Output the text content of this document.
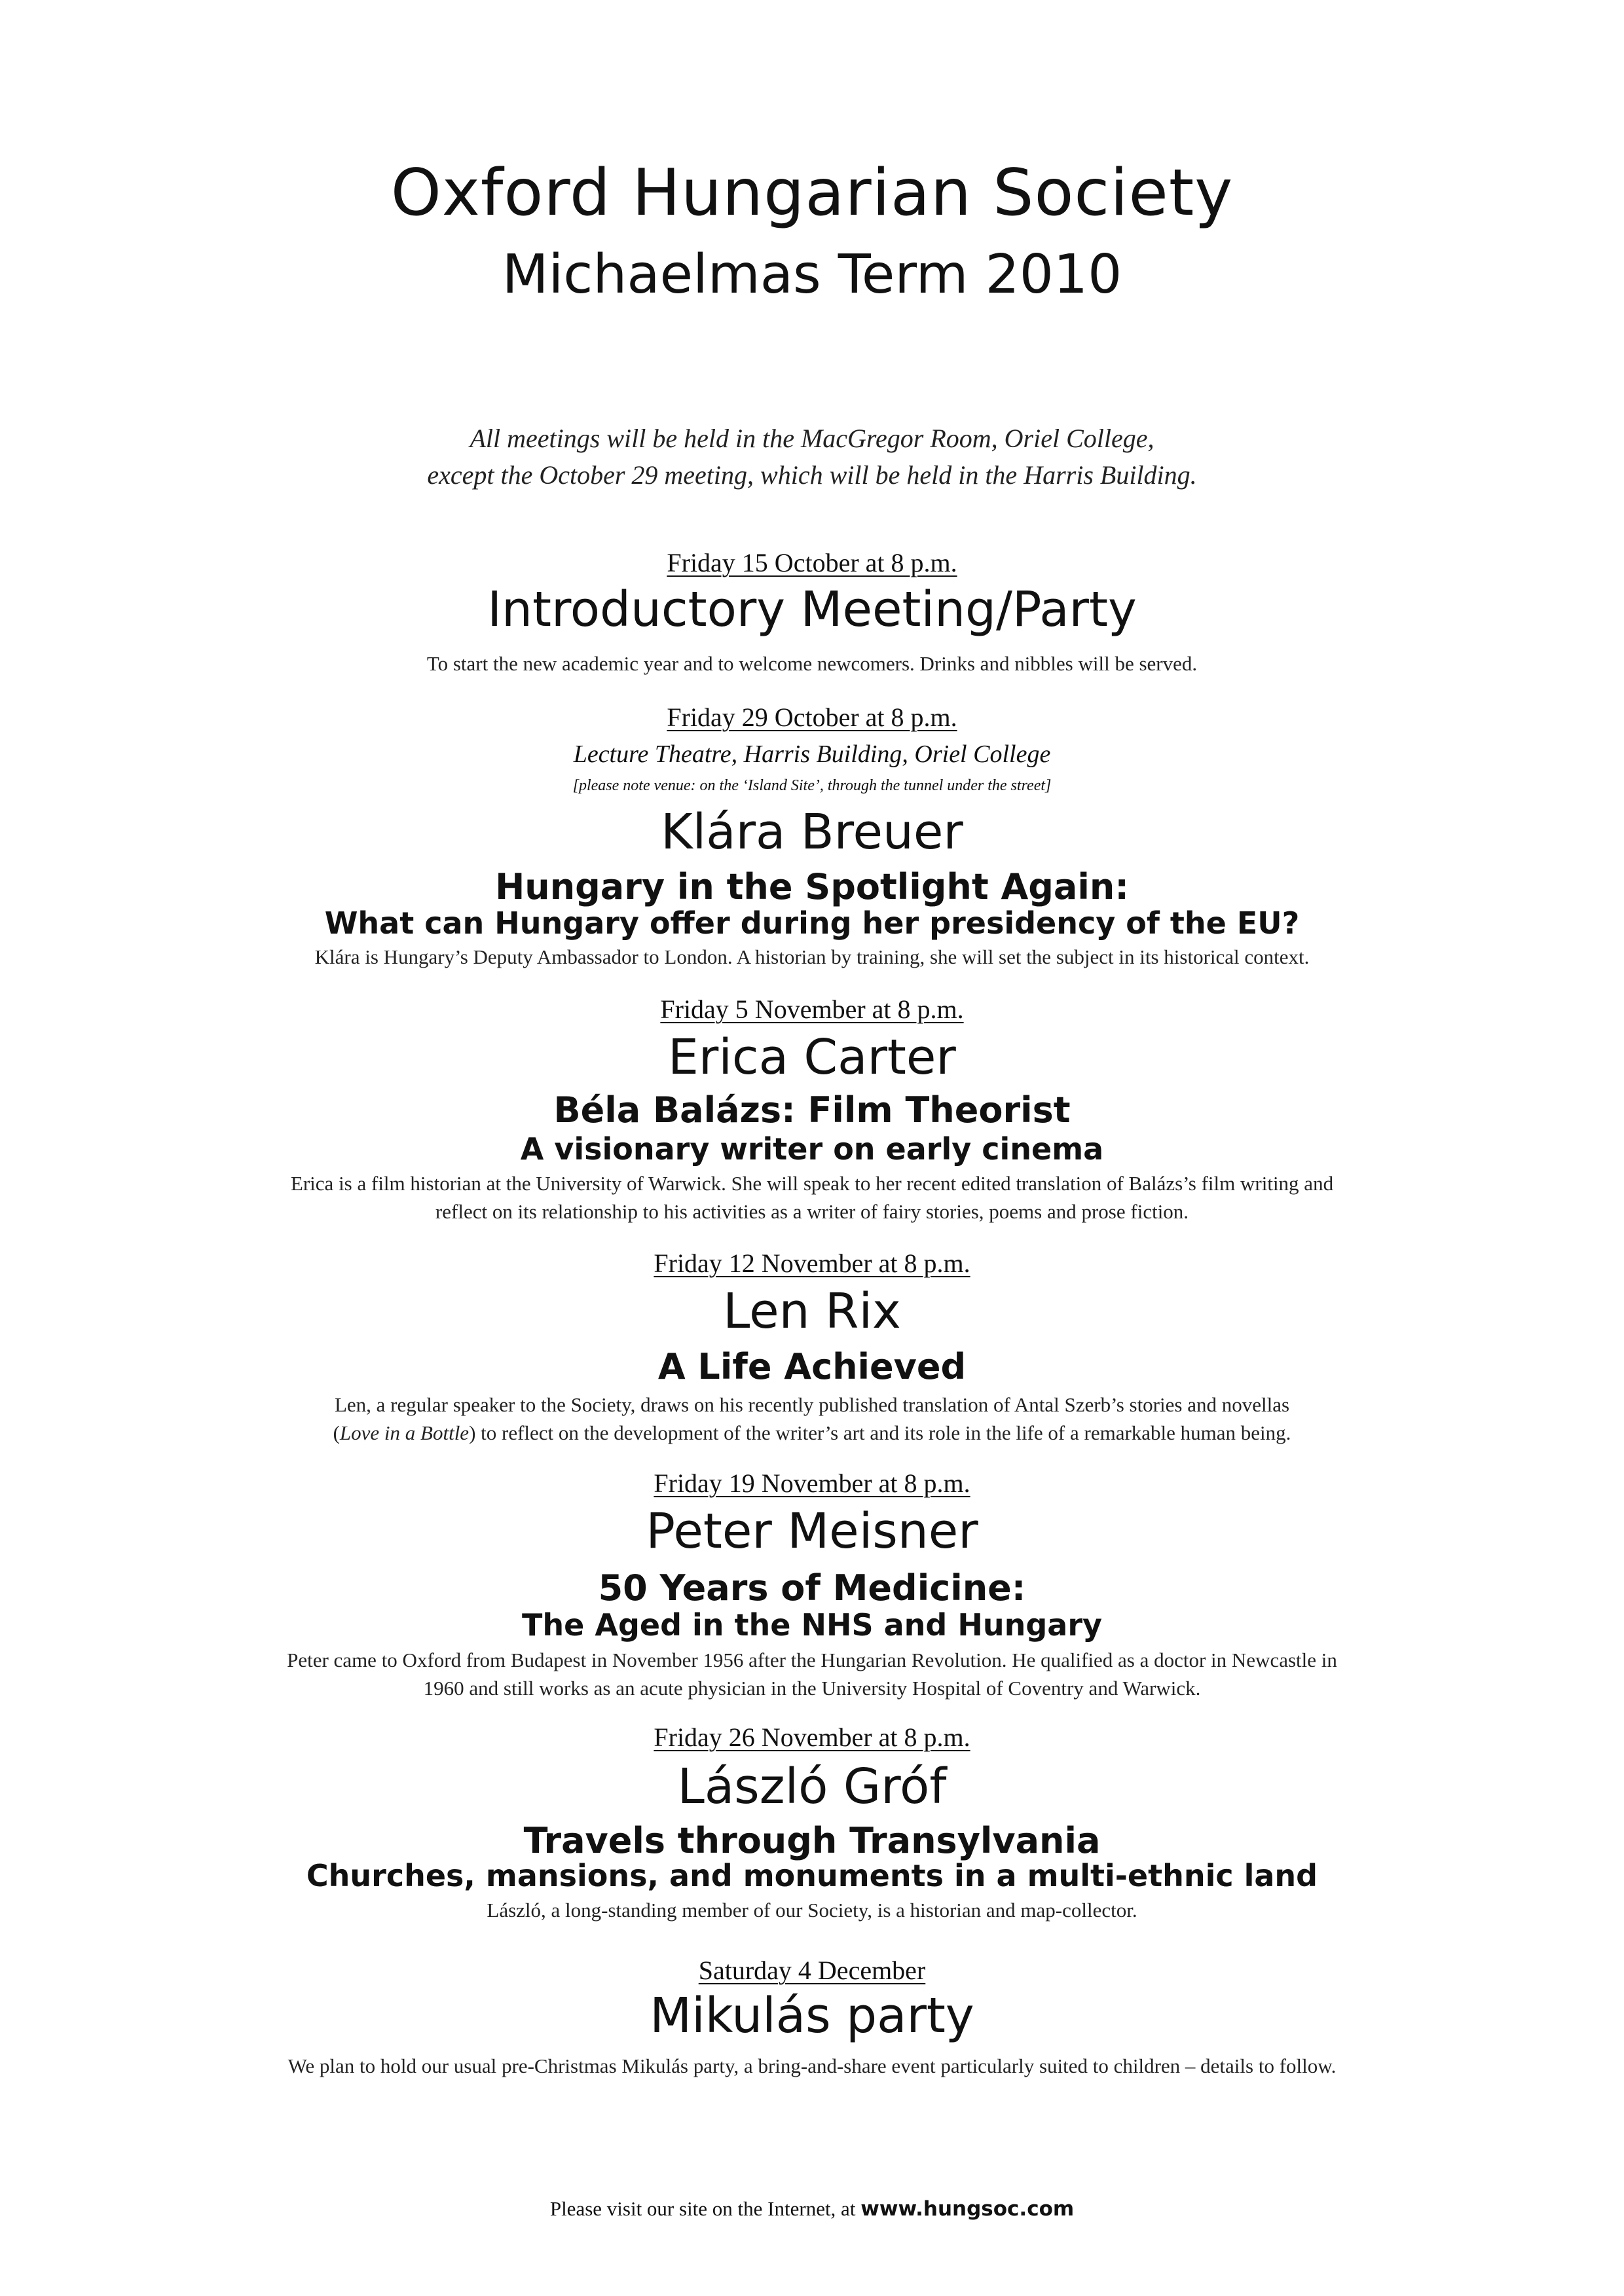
Oxford Hungarian Society
Michaelmas Term 2010
All meetings will be held in the MacGregor Room, Oriel College,
except the October 29 meeting, which will be held in the Harris Building.
Friday 15 October at 8 p.m.
Introductory Meeting/Party
To start the new academic year and to welcome newcomers. Drinks and nibbles will be served.
Friday 29 October at 8 p.m.
Lecture Theatre, Harris Building, Oriel College
[please note venue: on the ‘Island Site’, through the tunnel under the street]
Klára Breuer
Hungary in the Spotlight Again:
What can Hungary offer during her presidency of the EU?
Klára is Hungary’s Deputy Ambassador to London. A historian by training, she will set the subject in its historical context.
Friday 5 November at 8 p.m.
Erica Carter
Béla Balázs: Film Theorist
A visionary writer on early cinema
Erica is a film historian at the University of Warwick. She will speak to her recent edited translation of Balázs’s film writing and
reflect on its relationship to his activities as a writer of fairy stories, poems and prose fiction.
Friday 12 November at 8 p.m.
Len Rix
A Life Achieved
Len, a regular speaker to the Society, draws on his recently published translation of Antal Szerb’s stories and novellas
(Love in a Bottle) to reflect on the development of the writer’s art and its role in the life of a remarkable human being.
Friday 19 November at 8 p.m.
Peter Meisner
50 Years of Medicine:
The Aged in the NHS and Hungary
Peter came to Oxford from Budapest in November 1956 after the Hungarian Revolution. He qualified as a doctor in Newcastle in
1960 and still works as an acute physician in the University Hospital of Coventry and Warwick.
Friday 26 November at 8 p.m.
László Gróf
Travels through Transylvania
Churches, mansions, and monuments in a multi-ethnic land
László, a long-standing member of our Society, is a historian and map-collector.
Saturday 4 December
Mikulás party
We plan to hold our usual pre-Christmas Mikulás party, a bring-and-share event particularly suited to children – details to follow.
Please visit our site on the Internet, at www.hungsoc.com
